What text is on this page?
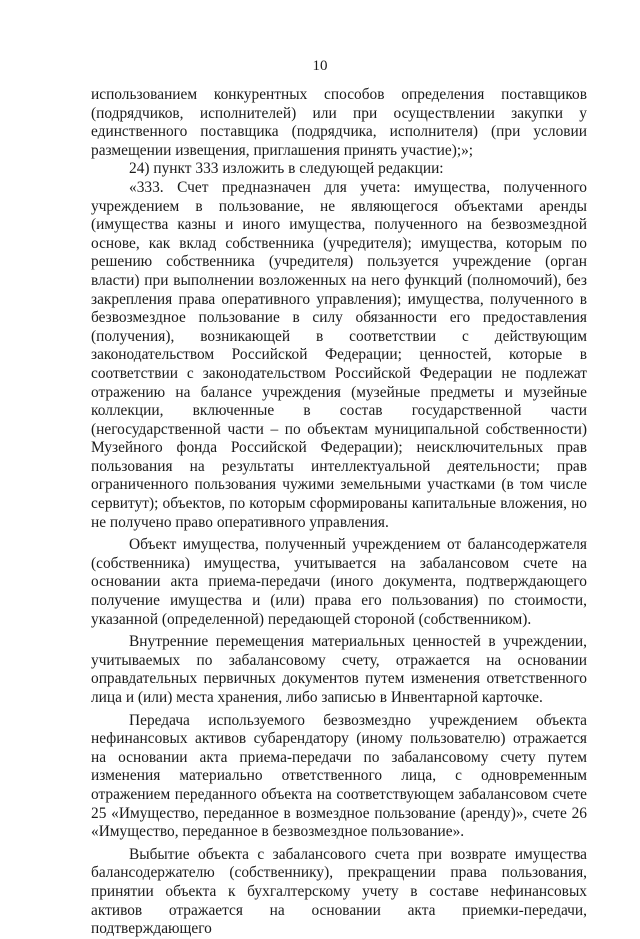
10

использованием конкурентных способов определения поставщиков (подрядчиков, исполнителей) или при осуществлении закупки у единственного поставщика (подрядчика, исполнителя) (при условии размещении извещения, приглашения принять участие);»;

24) пункт 333 изложить в следующей редакции:

«333. Счет предназначен для учета: имущества, полученного учреждением в пользование, не являющегося объектами аренды (имущества казны и иного имущества, полученного на безвозмездной основе, как вклад собственника (учредителя); имущества, которым по решению собственника (учредителя) пользуется учреждение (орган власти) при выполнении возложенных на него функций (полномочий), без закрепления права оперативного управления); имущества, полученного в безвозмездное пользование в силу обязанности его предоставления (получения), возникающей в соответствии с действующим законодательством Российской Федерации; ценностей, которые в соответствии с законодательством Российской Федерации не подлежат отражению на балансе учреждения (музейные предметы и музейные коллекции, включенные в состав государственной части (негосударственной части – по объектам муниципальной собственности) Музейного фонда Российской Федерации); неисключительных прав пользования на результаты интеллектуальной деятельности; прав ограниченного пользования чужими земельными участками (в том числе сервитут); объектов, по которым сформированы капитальные вложения, но не получено право оперативного управления.

Объект имущества, полученный учреждением от балансодержателя (собственника) имущества, учитывается на забалансовом счете на основании акта приема-передачи (иного документа, подтверждающего получение имущества и (или) права его пользования) по стоимости, указанной (определенной) передающей стороной (собственником).

Внутренние перемещения материальных ценностей в учреждении, учитываемых по забалансовому счету, отражается на основании оправдательных первичных документов путем изменения ответственного лица и (или) места хранения, либо записью в Инвентарной карточке.

Передача используемого безвозмездно учреждением объекта нефинансовых активов субарендатору (иному пользователю) отражается на основании акта приема-передачи по забалансовому счету путем изменения материально ответственного лица, с одновременным отражением переданного объекта на соответствующем забалансовом счете 25 «Имущество, переданное в возмездное пользование (аренду)», счете 26 «Имущество, переданное в безвозмездное пользование».

Выбытие объекта с забалансового счета при возврате имущества балансодержателю (собственнику), прекращении права пользования, принятии объекта к бухгалтерскому учету в составе нефинансовых активов отражается на основании акта приемки-передачи, подтверждающего
